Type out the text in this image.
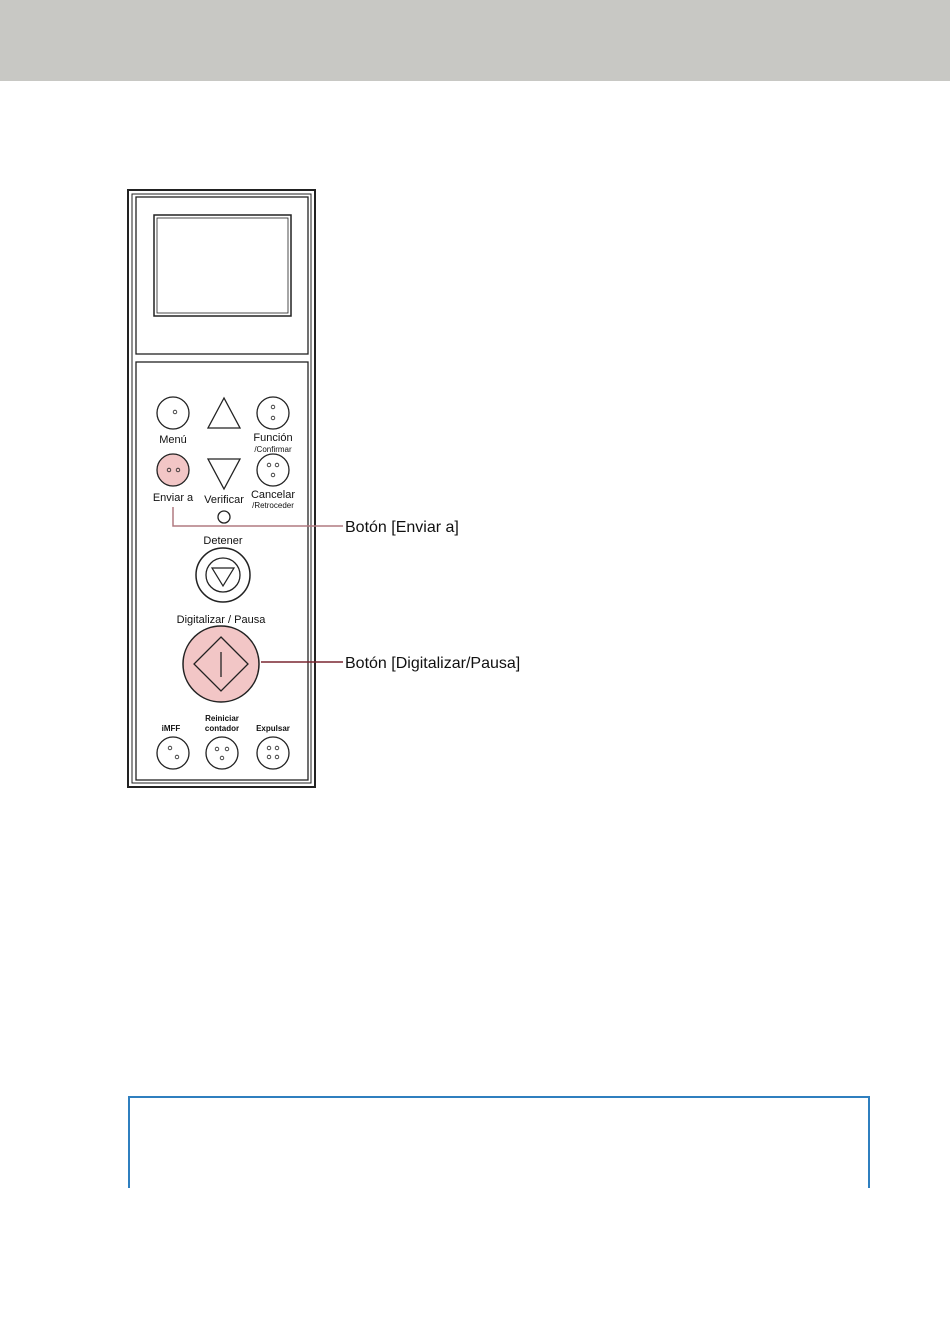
Menú	Función
/Confirmar
Enviar a Verificar Cancelar
/Retroceder
Detener
Digitalizar / Pausa
iMFF
Reiniciar
contador Expulsar
Botón [Enviar a]
Botón [Digitalizar/Pausa]
